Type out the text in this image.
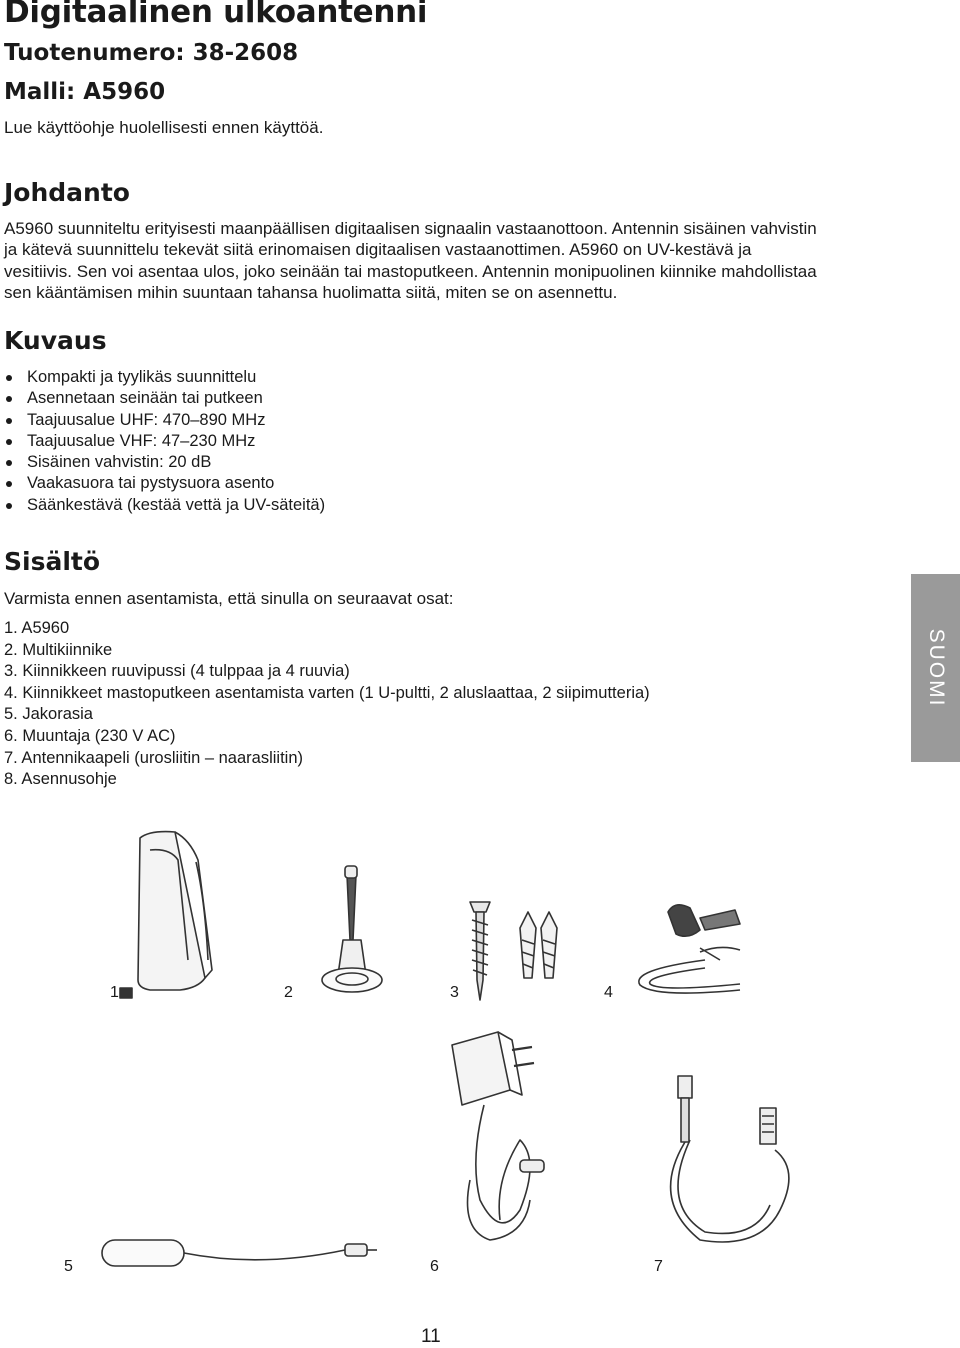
Digitaalinen ulkoantenni
Tuotenumero: 38-2608
Malli: A5960
Lue käyttöohje huolellisesti ennen käyttöä.
Johdanto
A5960 suunniteltu erityisesti maanpäällisen digitaalisen signaalin vastaanottoon. Antennin sisäinen vahvistin
ja kätevä suunnittelu tekevät siitä erinomaisen digitaalisen vastaanottimen. A5960 on UV-kestävä ja
vesitiivis. Sen voi asentaa ulos, joko seinään tai mastoputkeen. Antennin monipuolinen kiinnike mahdollistaa
sen kääntämisen mihin suuntaan tahansa huolimatta siitä, miten se on asennettu.
Kuvaus
Kompakti ja tyylikäs suunnittelu
Asennetaan seinään tai putkeen
Taajuusalue UHF: 470–890 MHz
Taajuusalue VHF: 47–230 MHz
Sisäinen vahvistin: 20 dB
Vaakasuora tai pystysuora asento
Säänkestävä (kestää vettä ja UV-säteitä)
Sisältö
Varmista ennen asentamista, että sinulla on seuraavat osat:
1. A5960
2. Multikiinnike
3. Kiinnikkeen ruuvipussi (4 tulppaa ja 4 ruuvia)
4. Kiinnikkeet mastoputkeen asentamista varten (1 U-pultti, 2 aluslaattaa, 2 siipimutteria)
5. Jakorasia
6. Muuntaja (230 V AC)
7. Antennikaapeli (urosliitin – naarasliitin)
8. Asennusohje
SUOMI
1	2	3	4
5	6	7
11
